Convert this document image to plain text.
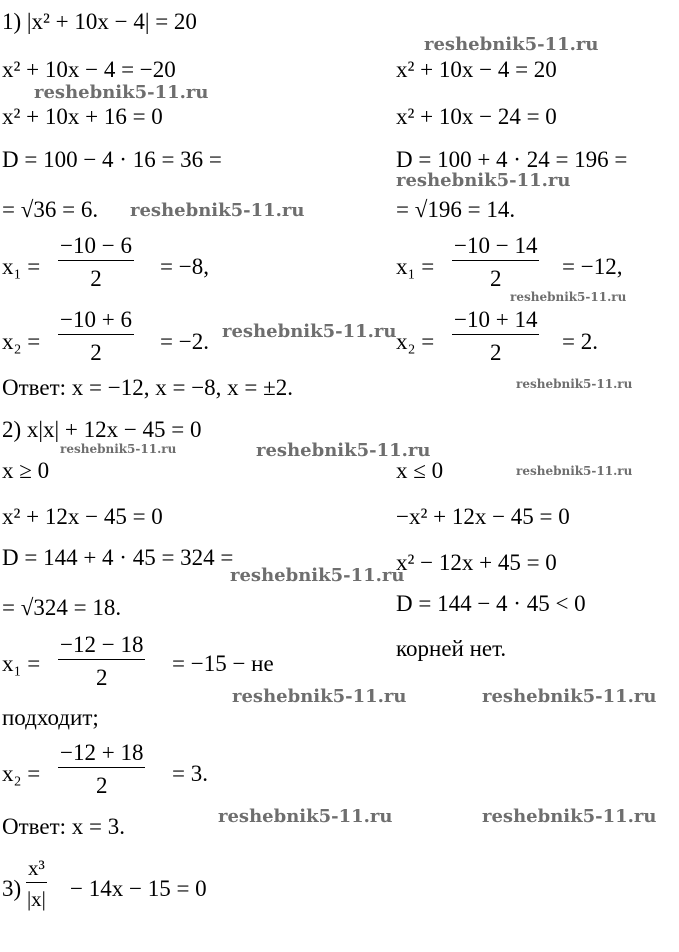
1) |x² + 10x − 4| = 20
x² + 10x − 4 = −20
x² + 10x + 16 = 0
D = 100 − 4 · 16 = 36 =
= √36 = 6.
$x_1 = \frac{-10 - 6}{2} = -8$,
$x_2 = \frac{-10 + 6}{2} = -2$.
x² + 10x − 4 = 20
x² + 10x − 24 = 0
D = 100 + 4 · 24 = 196 =
= √196 = 14.
$x_1 = \frac{-10 - 14}{2} = -12$,
$x_2 = \frac{-10 + 14}{2} = 2$.
Ответ: x = −12, x = −8, x = ±2.
2) x|x| + 12x − 45 = 0
x ≥ 0
x² + 12x − 45 = 0
D = 144 + 4 · 45 = 324 =
= √324 = 18.
$x_1 = \frac{-12 - 18}{2} = -15$ − не
подходит;
$x_2 = \frac{-12 + 18}{2} = 3$.
x ≤ 0
−x² + 12x − 45 = 0
x² − 12x + 45 = 0
D = 144 − 4 · 45 < 0
корней нет.
Ответ: x = 3.
$3) \frac{\text{x³}}{|x|} - 14x - 15 = 0$
reshebnik5-11.ru
reshebnik5-11.ru
reshebnik5-11.ru
reshebnik5-11.ru
reshebnik5-11.ru
reshebnik5-11.ru
reshebnik5-11.ru
reshebnik5-11.ru
reshebnik5-11.ru
reshebnik5-11.ru
reshebnik5-11.ru
reshebnik5-11.ru	reshebnik5-11.ru
reshebnik5-11.ru	reshebnik5-11.ru
